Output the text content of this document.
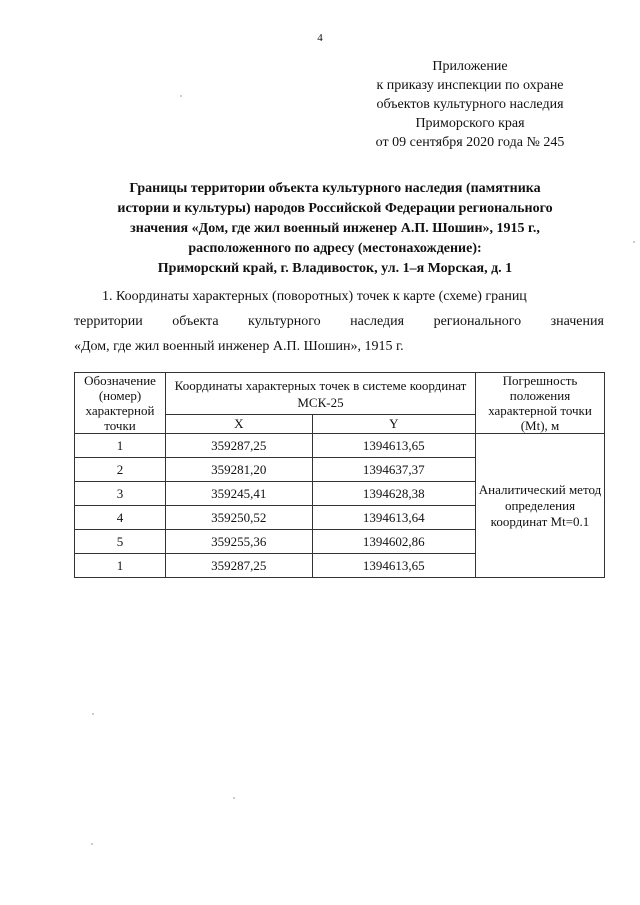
4
Приложение
к приказу инспекции по охране
объектов культурного наследия
Приморского края
от 09 сентября 2020 года № 245
Границы территории объекта культурного наследия (памятника
истории и культуры) народов Российской Федерации регионального
значения «Дом, где жил военный инженер А.П. Шошин», 1915 г.,
расположенного по адресу (местонахождение):
Приморский край, г. Владивосток, ул. 1–я Морская, д. 1
1. Координаты характерных (поворотных) точек к карте (схеме) границ
территории объекта культурного наследия регионального значения
«Дом, где жил военный инженер А.П. Шошин», 1915 г.
Обозначение (номер) характерной точки	Координаты характерных точек в системе координат МСК-25		Погрешность положения характерной точки (Mt), м
	X	Y	
1	359287,25	1394613,65	Аналитический метод определения координат Mt=0.1
2	359281,20	1394637,37	
3	359245,41	1394628,38	
4	359250,52	1394613,64	
5	359255,36	1394602,86	
1	359287,25	1394613,65	
